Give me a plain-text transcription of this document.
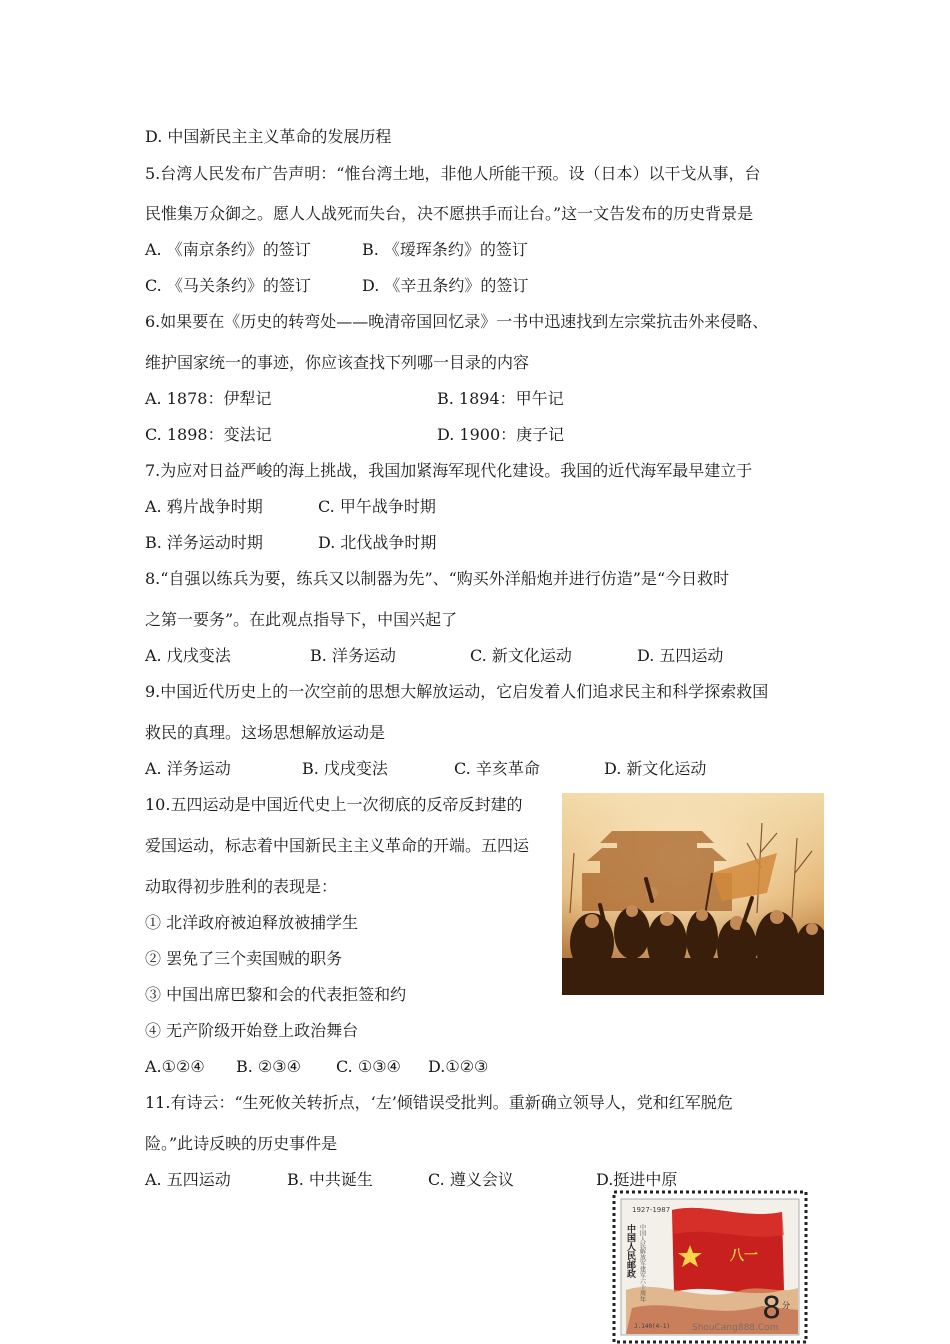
D. 中国新民主主义革命的发展历程
5.台湾人民发布广告声明：“惟台湾土地，非他人所能干预。设（日本）以干戈从事，台
民惟集万众御之。愿人人战死而失台，决不愿拱手而让台。”这一文告发布的历史背景是
A. 《南京条约》的签订	B. 《瑷珲条约》的签订
C. 《马关条约》的签订	D. 《辛丑条约》的签订
6.如果要在《历史的转弯处——晚清帝国回忆录》一书中迅速找到左宗棠抗击外来侵略、
维护国家统一的事迹，你应该查找下列哪一目录的内容
A. 1878：伊犁记	B. 1894：甲午记
C. 1898：变法记	D. 1900：庚子记
7.为应对日益严峻的海上挑战，我国加紧海军现代化建设。我国的近代海军最早建立于
A. 鸦片战争时期	C. 甲午战争时期
B. 洋务运动时期	D. 北伐战争时期
8.“自强以练兵为要，练兵又以制器为先”、“购买外洋船炮并进行仿造”是“今日救时
之第一要务”。在此观点指导下，中国兴起了
A. 戊戌变法	B. 洋务运动	C. 新文化运动	D. 五四运动
9.中国近代历史上的一次空前的思想大解放运动，它启发着人们追求民主和科学探索救国
救民的真理。这场思想解放运动是
A. 洋务运动	B. 戊戌变法	C. 辛亥革命	D. 新文化运动
10.五四运动是中国近代史上一次彻底的反帝反封建的
爱国运动，标志着中国新民主主义革命的开端。五四运
动取得初步胜利的表现是：
① 北洋政府被迫释放被捕学生
② 罢免了三个卖国贼的职务
③ 中国出席巴黎和会的代表拒签和约
④ 无产阶级开始登上政治舞台
A.①②④ B. ②③④ C. ①③④ D.①②③
11.有诗云：“生死攸关转折点，‘左’倾错误受批判。重新确立领导人，党和红军脱危
险。”此诗反映的历史事件是
A. 五四运动	B. 中共诞生	C. 遵义会议	D.挺进中原
1927-1987
中国人民邮政 中国人民解放军建军六十周年	八一
8 分
J.140(4-1) ShouCang888.Com
